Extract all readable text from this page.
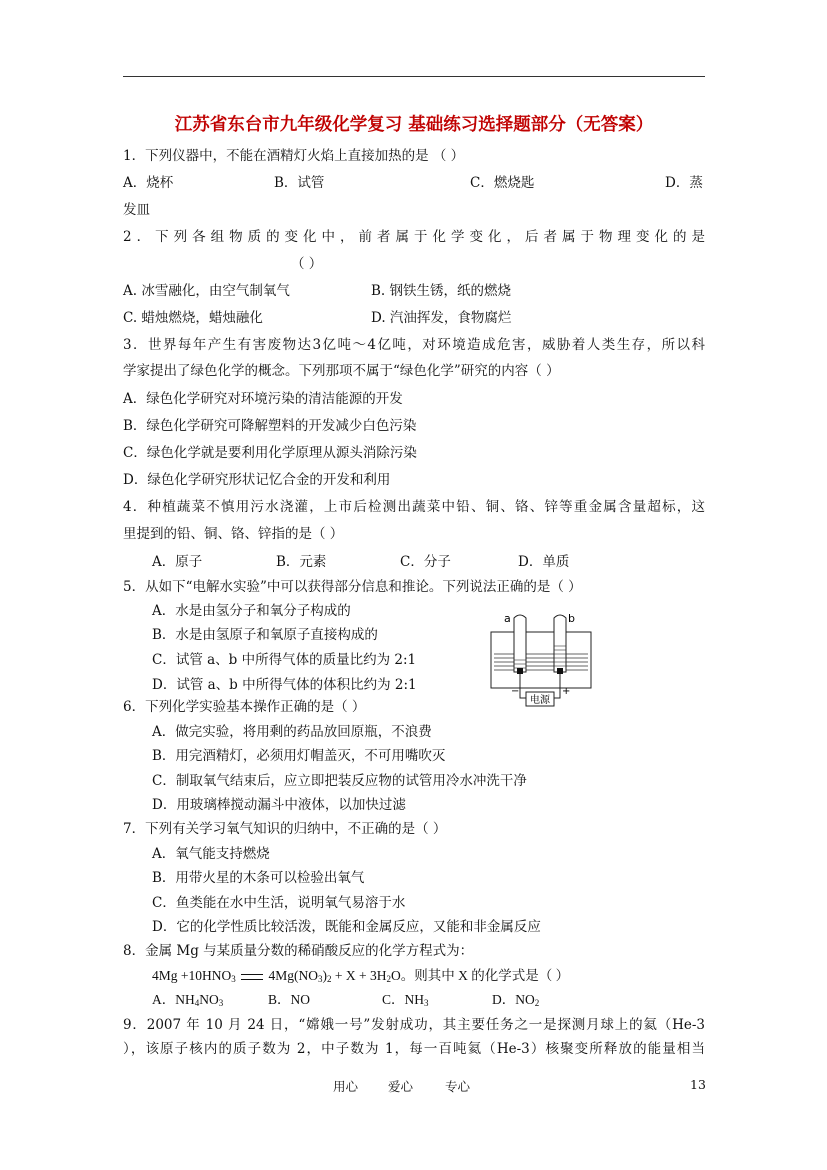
江苏省东台市九年级化学复习 基础练习选择题部分（无答案）
1．下列仪器中，不能在酒精灯火焰上直接加热的是 （ ）
A．烧杯	B．试管	C．燃烧匙	D．蒸
发皿
2．下列各组物质的变化中，前者属于化学变化，后者属于物理变化的是
（ ）
A. 冰雪融化，由空气制氧气	B. 钢铁生锈，纸的燃烧
C. 蜡烛燃烧，蜡烛融化	D. 汽油挥发，食物腐烂
3．世界每年产生有害废物达3亿吨～4亿吨，对环境造成危害，威胁着人类生存，所以科
学家提出了绿色化学的概念。下列那项不属于“绿色化学”研究的内容（ ）
A．绿色化学研究对环境污染的清洁能源的开发
B．绿色化学研究可降解塑料的开发减少白色污染
C．绿色化学就是要利用化学原理从源头消除污染
D．绿色化学研究形状记忆合金的开发和利用
4．种植蔬菜不慎用污水浇灌，上市后检测出蔬菜中铅、铜、铬、锌等重金属含量超标，这
里提到的铅、铜、铬、锌指的是（ ）
A．原子	B．元素	C．分子	D．单质
5．从如下“电解水实验”中可以获得部分信息和推论。下列说法正确的是（ ）
A．水是由氢分子和氧分子构成的
B．水是由氢原子和氧原子直接构成的
C．试管 a、b 中所得气体的质量比约为 2:1
D．试管 a、b 中所得气体的体积比约为 2:1
6．下列化学实验基本操作正确的是（ ）
A．做完实验，将用剩的药品放回原瓶，不浪费
B．用完酒精灯，必须用灯帽盖灭，不可用嘴吹灭
C．制取氧气结束后，应立即把装反应物的试管用冷水冲洗干净
D．用玻璃棒搅动漏斗中液体，以加快过滤
7．下列有关学习氧气知识的归纳中，不正确的是（ ）
A．氧气能支持燃烧
B．用带火星的木条可以检验出氧气
C．鱼类能在水中生活，说明氧气易溶于水
D．它的化学性质比较活泼，既能和金属反应，又能和非金属反应
8．金属 Mg 与某质量分数的稀硝酸反应的化学方程式为：
$4Mg +10HNO_3$ $4Mg(NO_3)_2 + X + 3H_2O$。则其中 X 的化学式是（ ）
A．$NH_4NO_3$	B．NO	C．$NH_3$	D．$NO_2$
9．2007 年 10 月 24 日，“嫦娥一号”发射成功，其主要任务之一是探测月球上的氦（He-3
），该原子核内的质子数为 2，中子数为 1，每一百吨氦（He-3）核聚变所释放的能量相当
电源
−	+
a	b
用心 爱心	专心	13
